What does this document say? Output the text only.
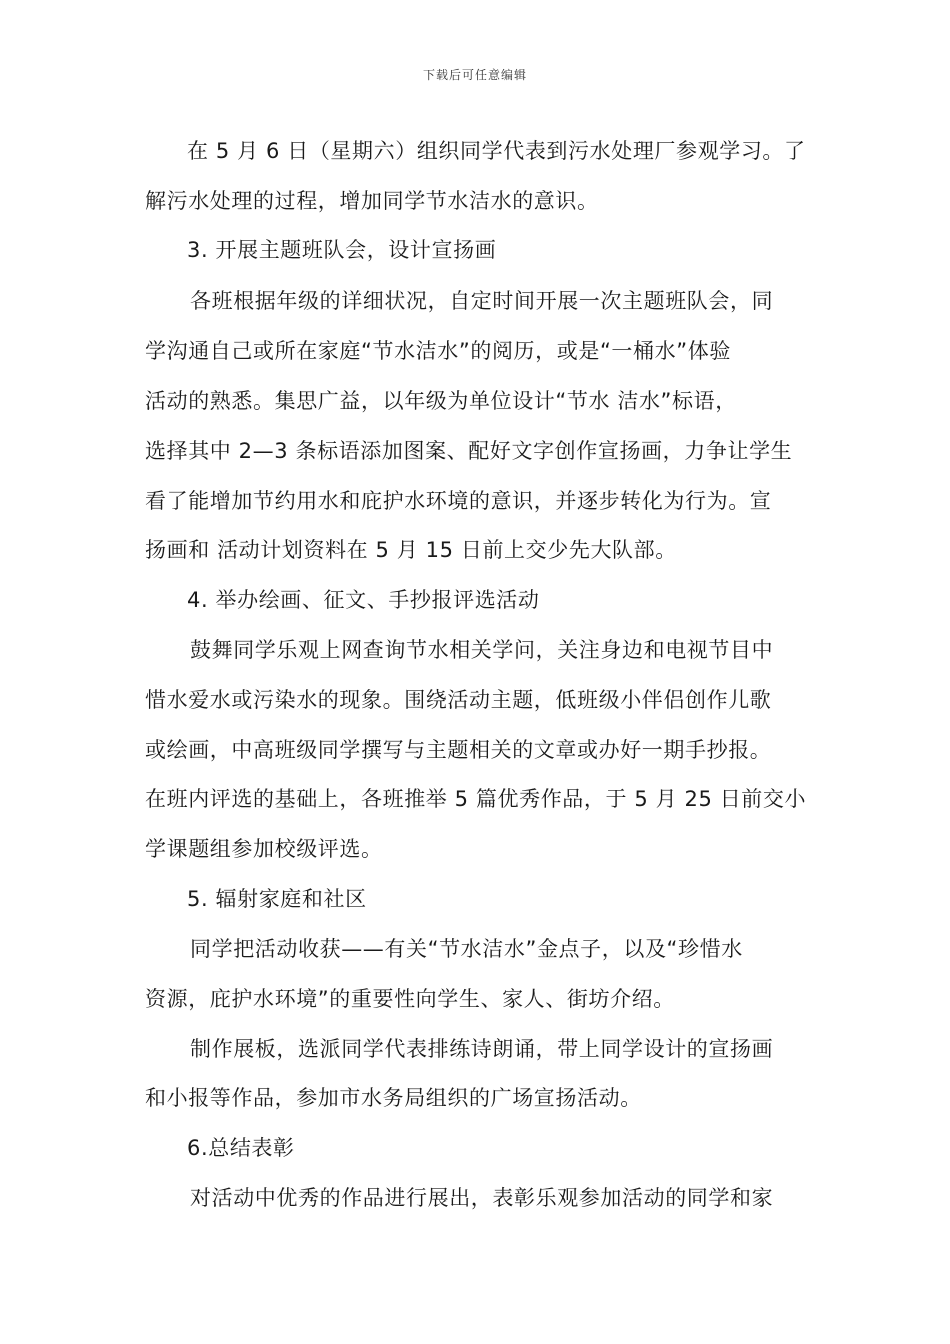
下载后可任意编辑
在 5 月 6 日（星期六）组织同学代表到污水处理厂参观学习。了
解污水处理的过程，增加同学节水洁水的意识。
3. 开展主题班队会，设计宣扬画
各班根据年级的详细状况，自定时间开展一次主题班队会，同
学沟通自己或所在家庭“节水洁水”的阅历，或是“一桶水”体验
活动的熟悉。集思广益，以年级为单位设计“节水 洁水”标语，
选择其中 2—3 条标语添加图案、配好文字创作宣扬画，力争让学生
看了能增加节约用水和庇护水环境的意识，并逐步转化为行为。宣
扬画和 活动计划资料在 5 月 15 日前上交少先大队部。
4. 举办绘画、征文、手抄报评选活动
鼓舞同学乐观上网查询节水相关学问，关注身边和电视节目中
惜水爱水或污染水的现象。围绕活动主题，低班级小伴侣创作儿歌
或绘画，中高班级同学撰写与主题相关的文章或办好一期手抄报。
在班内评选的基础上，各班推举 5 篇优秀作品，于 5 月 25 日前交小
学课题组参加校级评选。
5. 辐射家庭和社区
同学把活动收获——有关“节水洁水”金点子，以及“珍惜水
资源，庇护水环境”的重要性向学生、家人、街坊介绍。
制作展板，选派同学代表排练诗朗诵，带上同学设计的宣扬画
和小报等作品，参加市水务局组织的广场宣扬活动。
6.总结表彰
对活动中优秀的作品进行展出，表彰乐观参加活动的同学和家
